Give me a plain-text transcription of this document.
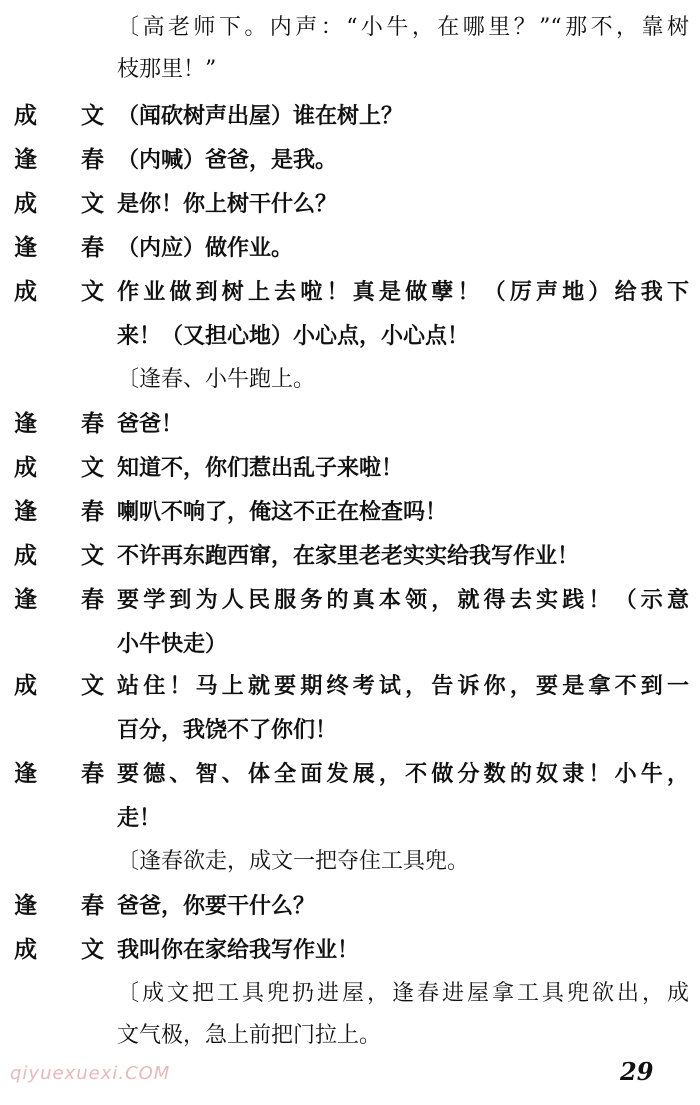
〔高老师下。内声：“小牛，在哪里？”“那不，靠树
枝那里！”
成 文 （闻砍树声出屋）谁在树上？
逢 春 （内喊）爸爸，是我。
成 文 是你！你上树干什么？
逢 春 （内应）做作业。
成 文 作业做到树上去啦！真是做孽！（厉声地）给我下
来！（又担心地）小心点，小心点！
〔逢春、小牛跑上。
逢 春 爸爸！
成 文 知道不，你们惹出乱子来啦！
逢 春 喇叭不响了，俺这不正在检查吗！
成 文 不许再东跑西窜，在家里老老实实给我写作业！
逢 春 要学到为人民服务的真本领，就得去实践！（示意
小牛快走）
成 文 站住！马上就要期终考试，告诉你，要是拿不到一
百分，我饶不了你们！
逢 春 要德、智、体全面发展，不做分数的奴隶！小牛，
走！
〔逢春欲走，成文一把夺住工具兜。
逢 春 爸爸，你要干什么？
成 文 我叫你在家给我写作业！
〔成文把工具兜扔进屋，逢春进屋拿工具兜欲出，成
文气极，急上前把门拉上。
qiyuexuexi.COM	29
